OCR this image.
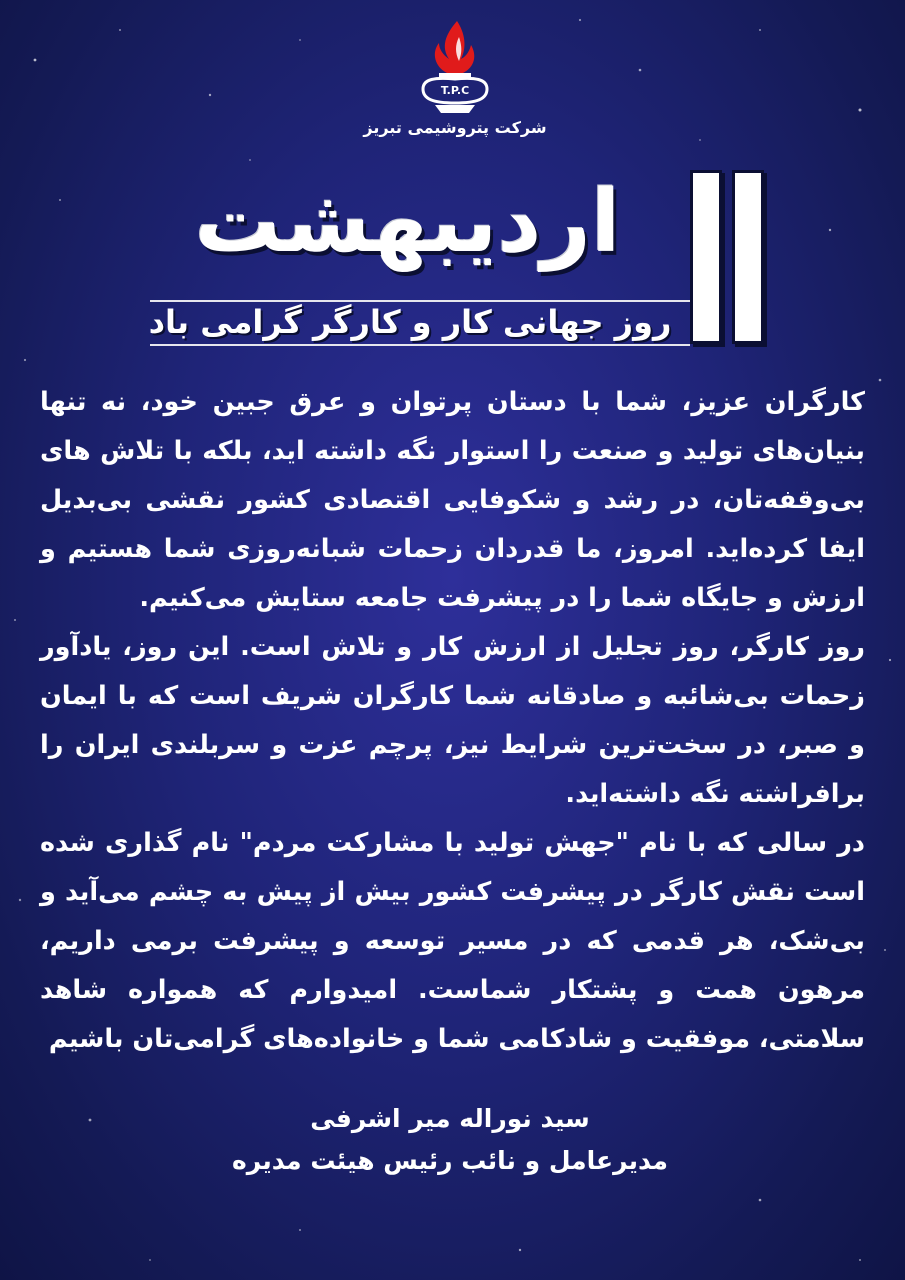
T.P.C
شرکت پتروشیمی تبریز
اردیبهشت
روز جهانی کار و کارگر گرامی باد

کارگران عزیز، شما با دستان پرتوان و عرق جبین خود، نه تنها بنیان‌های تولید و صنعت را استوار نگه داشته اید، بلکه با تلاش های بی‌وقفه‌تان، در رشد و شکوفایی اقتصادی کشور نقشی بی‌بدیل ایفا کرده‌اید. امروز، ما قدردان زحمات شبانه‌روزی شما هستیم و ارزش و جایگاه شما را در پیشرفت جامعه ستایش می‌کنیم.

روز کارگر، روز تجلیل از ارزش کار و تلاش است. این روز، یادآور زحمات بی‌شائبه و صادقانه شما کارگران شریف است که با ایمان و صبر، در سخت‌ترین شرایط نیز، پرچم عزت و سربلندی ایران را برافراشته نگه داشته‌اید.

در سالی که با نام "جهش تولید با مشارکت مردم" نام گذاری شده است نقش کارگر در پیشرفت کشور بیش از پیش به چشم می‌آید و بی‌شک، هر قدمی که در مسیر توسعه و پیشرفت برمی داریم، مرهون همت و پشتکار شماست. امیدوارم که همواره شاهد سلامتی، موفقیت و شادکامی شما و خانواده‌های گرامی‌تان باشیم

سید نوراله میر اشرفی
مدیرعامل و نائب رئیس هیئت مدیره
